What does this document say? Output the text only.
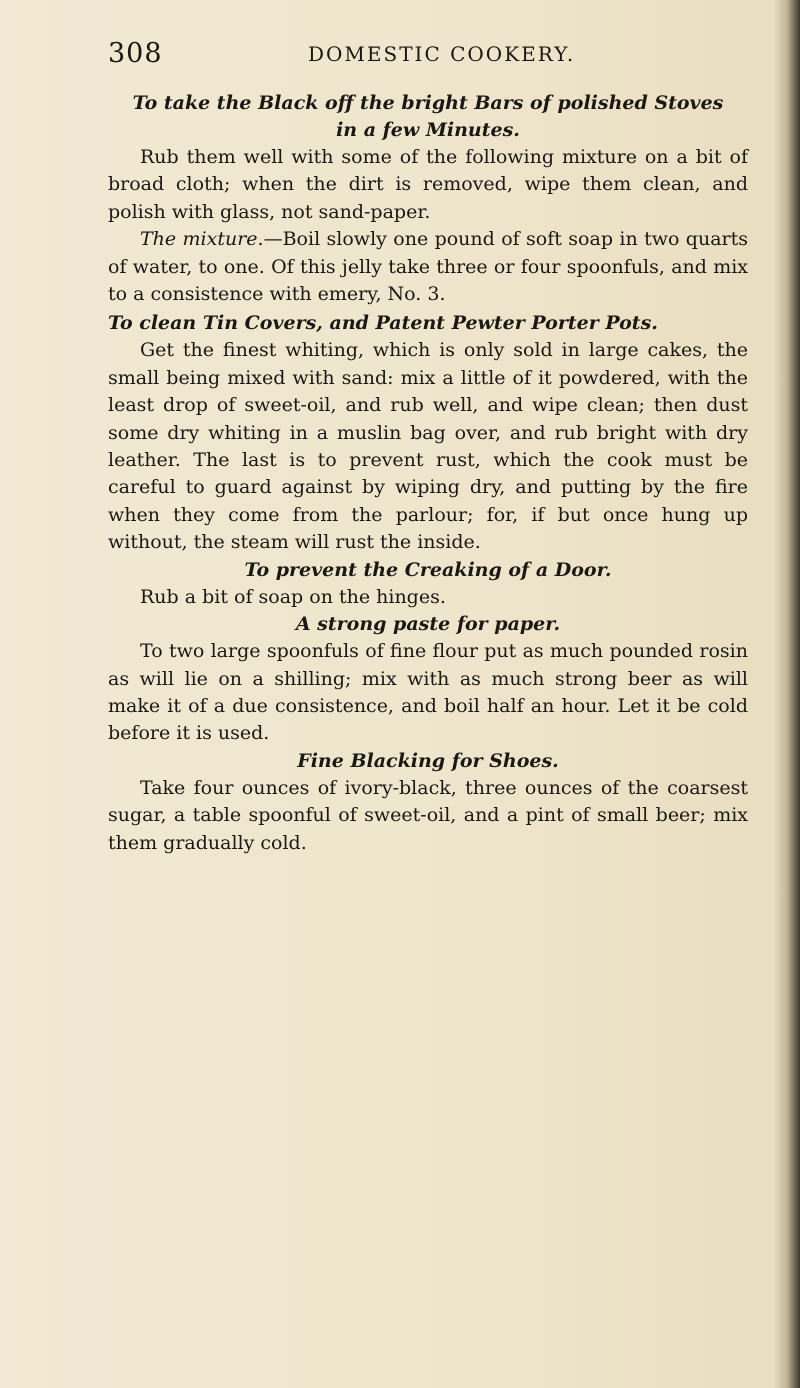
308	DOMESTIC COOKERY.

To take the Black off the bright Bars of polished Stoves
in a few Minutes.

Rub them well with some of the following mixture on a bit of broad cloth; when the dirt is removed, wipe them clean, and polish with glass, not sand-paper.

The mixture.—Boil slowly one pound of soft soap in two quarts of water, to one. Of this jelly take three or four spoonfuls, and mix to a consistence with emery, No. 3.

To clean Tin Covers, and Patent Pewter Porter Pots.

Get the finest whiting, which is only sold in large cakes, the small being mixed with sand: mix a little of it powdered, with the least drop of sweet-oil, and rub well, and wipe clean; then dust some dry whiting in a muslin bag over, and rub bright with dry leather. The last is to prevent rust, which the cook must be careful to guard against by wiping dry, and putting by the fire when they come from the parlour; for, if but once hung up without, the steam will rust the inside.

To prevent the Creaking of a Door.

Rub a bit of soap on the hinges.

A strong paste for paper.

To two large spoonfuls of fine flour put as much pounded rosin as will lie on a shilling; mix with as much strong beer as will make it of a due consistence, and boil half an hour. Let it be cold before it is used.

Fine Blacking for Shoes.

Take four ounces of ivory-black, three ounces of the coarsest sugar, a table spoonful of sweet-oil, and a pint of small beer; mix them gradually cold.
